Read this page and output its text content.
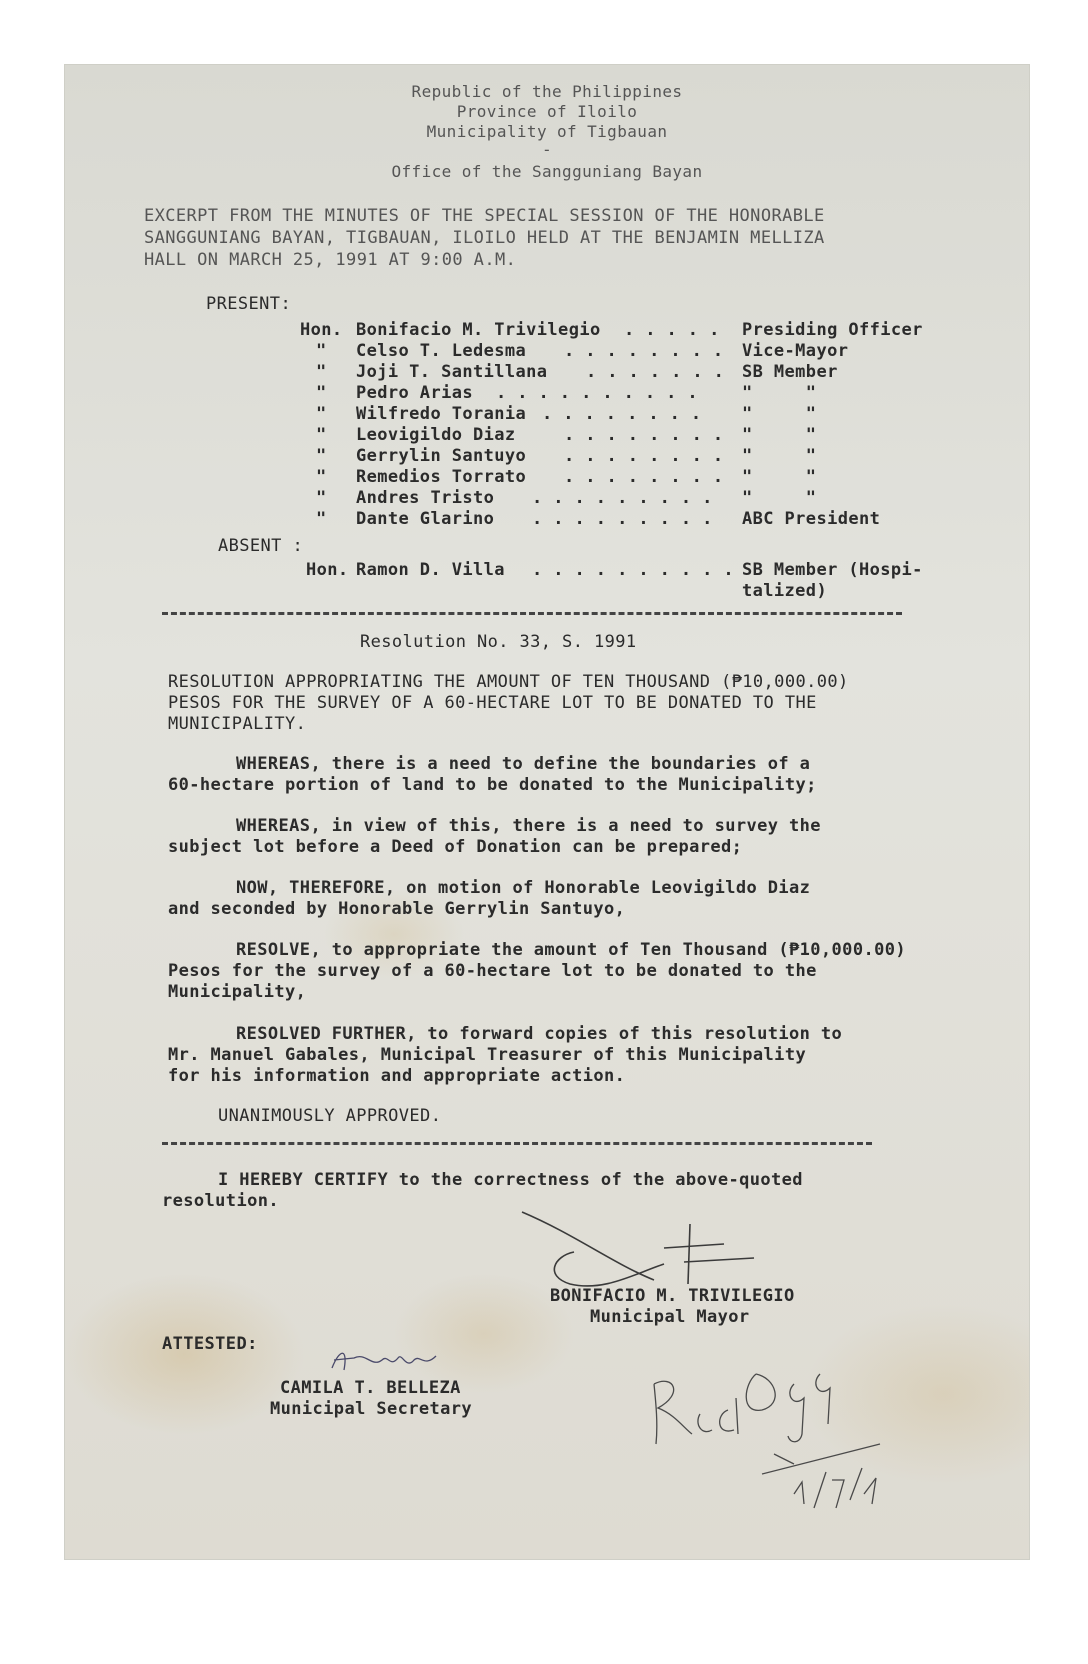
Republic of the Philippines
Province of Iloilo
Municipality of Tigbauan
-
Office of the Sangguniang Bayan
EXCERPT FROM THE MINUTES OF THE SPECIAL SESSION OF THE HONORABLE
SANGGUNIANG BAYAN, TIGBAUAN, ILOILO HELD AT THE BENJAMIN MELLIZA
HALL ON MARCH 25, 1991 AT 9:00 A.M.
PRESENT:
Hon. Bonifacio M. Trivilegio . . . . . Presiding Officer
" Celso T. Ledesma . . . . . . . . Vice-Mayor
" Joji T. Santillana . . . . . . . SB Member
" Pedro Arias . . . . . . . . . .	"     "
" Wilfredo Torania . . . . . . . . "     "
" Leovigildo Diaz	. . . . . . . . "     "
" Gerrylin Santuyo . . . . . . . . "     "
" Remedios Torrato . . . . . . . . "     "
" Andres Tristo . . . . . . . . . "     "
" Dante Glarino . . . . . . . . . ABC President
ABSENT :
Hon. Ramon D. Villa . . . . . . . . . . SB Member (Hospi-
talized)
Resolution No. 33, S. 1991
RESOLUTION APPROPRIATING THE AMOUNT OF TEN THOUSAND (₱10,000.00)
PESOS FOR THE SURVEY OF A 60-HECTARE LOT TO BE DONATED TO THE
MUNICIPALITY.
WHEREAS, there is a need to define the boundaries of a
60-hectare portion of land to be donated to the Municipality;
WHEREAS, in view of this, there is a need to survey the
subject lot before a Deed of Donation can be prepared;
NOW, THEREFORE, on motion of Honorable Leovigildo Diaz
and seconded by Honorable Gerrylin Santuyo,
RESOLVE, to appropriate the amount of Ten Thousand (₱10,000.00)
Pesos for the survey of a 60-hectare lot to be donated to the
Municipality,
RESOLVED FURTHER, to forward copies of this resolution to
Mr. Manuel Gabales, Municipal Treasurer of this Municipality
for his information and appropriate action.
UNANIMOUSLY APPROVED.
I HEREBY CERTIFY to the correctness of the above-quoted
resolution.
BONIFACIO M. TRIVILEGIO
Municipal Mayor
ATTESTED:
CAMILA T. BELLEZA
Municipal Secretary
